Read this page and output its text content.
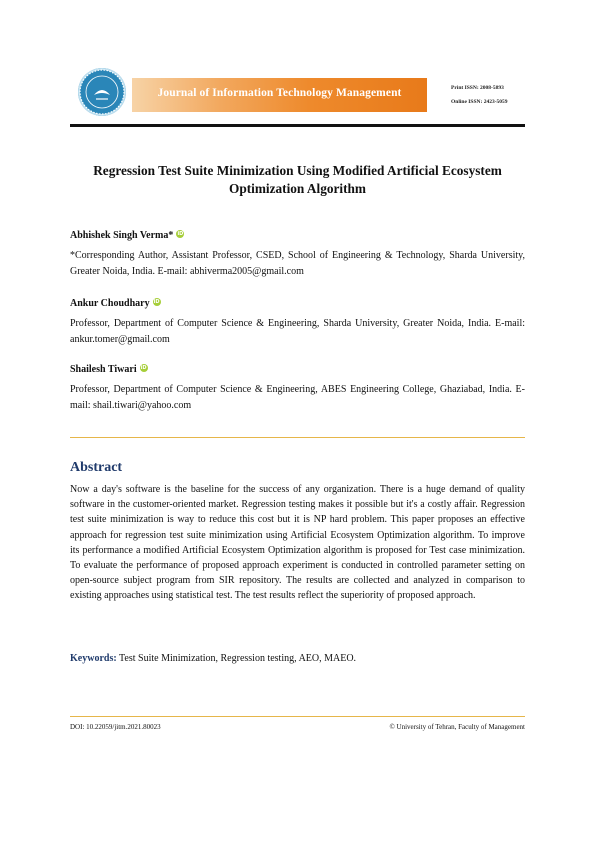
Journal of Information Technology Management	Print ISSN: 2008-5893
Online ISSN: 2423-5059
Regression Test Suite Minimization Using Modified Artificial Ecosystem Optimization Algorithm
Abhishek Singh Verma* iD
*Corresponding Author, Assistant Professor, CSED, School of Engineering & Technology, Sharda University, Greater Noida, India. E-mail: abhiverma2005@gmail.com
Ankur Choudhary iD
Professor, Department of Computer Science & Engineering, Sharda University, Greater Noida, India. E-mail: ankur.tomer@gmail.com
Shailesh Tiwari iD
Professor, Department of Computer Science & Engineering, ABES Engineering College, Ghaziabad, India. E-mail: shail.tiwari@yahoo.com
Abstract
Now a day's software is the baseline for the success of any organization. There is a huge demand of quality software in the customer-oriented market. Regression testing makes it possible but it's a costly affair. Regression test suite minimization is way to reduce this cost but it is NP hard problem. This paper proposes an effective approach for regression test suite minimization using Artificial Ecosystem Optimization algorithm. To improve its performance a modified Artificial Ecosystem Optimization algorithm is proposed for Test case minimization. To evaluate the performance of proposed approach experiment is conducted in controlled parameter setting on open-source subject program from SIR repository. The results are collected and analyzed in comparison to existing approaches using statistical test. The test results reflect the superiority of proposed approach.
Keywords: Test Suite Minimization, Regression testing, AEO, MAEO.
DOI: 10.22059/jitm.2021.80023	© University of Tehran, Faculty of Management
